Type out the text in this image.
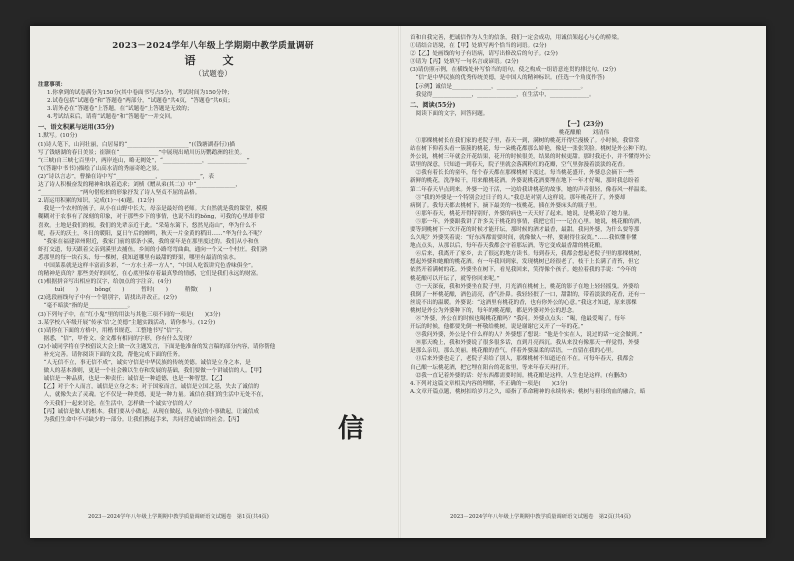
2023－2024学年八年级上学期期中教学质量调研

语　文

（试题卷）

注意事项：

1.你拿到的试卷满分为150分(其中卷面书写占5分)，考试时间为150分钟；

2.试卷包括“试题卷”和“答题卷”两部分，“试题卷”共4页，“答题卷”共6页；

3.请务必在“答题卷”上答题，在“试题卷”上答题是无效的；

4.考试结束后，请将“试题卷”和“答题卷”一并交回。

一、语文积累与运用(35分)

1.默写。(10分)

(1)诗人笔下，山河壮丽，白居易的“______________________”(《钱塘湖春行》)描

写了钱塘湖的春日美景；崔颢在“______________”中展现出晴川历历鹦鹉洲的壮美。

“(三峡)自三峡七百里中，两岸连山，略无阙处”，“______________，______________”

“(《答谢中书书》)描绘了山高水清的秀丽奇绝之景。

(2)“诗以言志”，曹操在诗中写“______________，______________”，表

达了诗人积极奋发的精神和执着追求；刘桢《赠从弟(其二)》中“______________，

“______________”两句借松柏的形象抒发了诗人坚贞不屈的品格。

2.请运用积累的知识，完成(1)～(4)题。(12分)

　我是一个农村的孩子，从小在山野中长大，母亲是最好的老师。大自然就是我的课堂，模模

糊糊对于农事有了深刻的印象，对于那些乡下的事情，也说不出的bǒng，可我的心里却非常

喜欢。土地是我们的根，我们的先辈亲近于此。“采菊东篱下，悠然见南山”，华为什么不

呢，春天的沃土，冬日的暖阳，夏日午后的蝉鸣，秋天一片金黄的稻田……”华为什么不呢？

　“我家在福建漳州附近，我家门前的那条小溪，我的童年是在那里度过的。我们从小和鱼

虾打交道，每天跟着父亲到溪里去捕鱼，乡间的小路弯弯曲曲，通向一个又一个村庄。我们熟

悉那里的每一块石头、每一棵树，我知道哪里有最甜的野果，哪里有最清的泉水。

　中国菜系就是这样丰富而多彩，“一方水土养一方人”，“中国人吃饭讲究色香味俱全”。

的精神是真的？那些美好的回忆，在心底里保存着最真挚的情感，它们是我们永远的财富。

(1)根据拼音写出相应的汉字，给加点的字注音。(4分)

　　　tuì(　　)　　　bǒng(　　)　　　暂时(　　)　　　稍微(　　)

(2)选段画线句子中有一个错别字，请找出并改正。(2分)

　“毫不暗淡”指的是______________。

(3)下列句子中，在“红小鬼”里的用法与其他三项不同的一项是(　　)(3分)

3.某学校八年级开展“传承‘信’之美德”主题实践活动，请你参与。(12分)

(1)请你在下面的方格中，用楷书规范、工整地书写“信”字。

　据悉，“信”，甲骨文、金文都有相同的字形，你有什么发现？

(2)小诚同学将在学校倡议大会上做一次主题发言，下面是他准备的发言稿的部分内容，请你帮他

　补充完善。请你阅读下面的文段，帮他完成下面的任务。

　“人无信不立，事无信不成”，诚实守信是中华民族的传统美德。诚信是立身之本，是

　做人的基本准则，更是一个社会赖以生存和发展的基础，我们要做一个讲诚信的人。【甲】

　诚信是一种品质，也是一种责任；诚信是一种道德，也是一种智慧。【乙】

　【乙】对于个人而言，诚信是立身之本；对于国家而言，诚信是立国之基，失去了诚信的

　人，就像失去了灵魂。它不仅是一种美德，更是一种力量。诚信在我们的生活中无处不在，

　今天我们一起来讨论，在生活中，怎样做一个诚实守信的人？

　【丙】诚信是做人的根本。我们要从小做起，从现在做起，从身边的小事做起，让诚信成

　为我们生命中不可缺少的一部分。让我们携起手来，共同营造诚信的社会。【丙】	信
2023－2024学年八年级上学期期中教学质量调研语文试题卷　第1页(共4页)

首和自我完善，把诚信作为人生的信条，我们一定会成功，用诚信架起心与心的桥梁。

①请结合语境，在【甲】处填写两个恰当的词语。(2分)

②【乙】处画线的句子有语病，请写出修改后的句子。(2分)

③请为【丙】处填写一句名言或谚语。(2分)

(3)请仿照示例，在横线处补写恰当的语句，使之构成一组语意连贯的排比句。(2分)

　“信”是中华民族的优秀传统美德，是中国人的精神标识。(任选一个角度作答)

　【示例】诚信是______________，______________，______________。

　我觉得______________，______________，在生活中，______________。

二、阅读(55分)

　阅读下面的文字，回答问题。

【一】(23分)

桃花酿酿　　刘清伟

　①那棵桃树长在我们家的老院子里，春天一到，满树的桃花开得烂漫极了。小时候，我常常

站在树下仰着头看一簇簇的桃花，每一朵桃花都那么娇艳，像是一张张笑脸。桃树是外公种下的。

外公说，桃树三年就会开花结果，花开的时候很美，结果的时候更甜。那时我还小，并不懂得外公

话里的深意，只知道一到春天，院子里就会落满粉红的花瓣，空气里弥漫着淡淡的花香。

　②我有着长长的童年，每个春天都在那棵桃树下度过。每当桃花盛开，外婆总会摘下一些

新鲜的桃花，洗净晾干，用来酿桃花酒。外婆说桃花酒要埋在地下一年才好喝，那时我总盼着

第二年春天早点到来。外婆一边干活，一边给我讲桃花的故事，她的声音很轻，像春风一样温柔。

　③“我的外婆是一个特别会过日子的人。”我总是对别人这样说。那年桃花开了，外婆却

病倒了。我每天都去桃树下，摘下最美的一枝桃花，插在外婆床头的瓶子里。

　④那年春天，桃花开得特别好，外婆的病也一天天好了起来。她说，是桃花给了她力量。

　⑤那一年，外婆跟我讲了许多关于桃花的事情，我把它们一一记在心里。她说，桃花酿的酒，

要等到桃树下一次开花的时候才能开坛，那时候的酒才最香，最甜。我问外婆，为什么要等那

么久呢？外婆笑着说：“好东西都需要时间，就像做人一样，要耐得住寂寞。”……我似懂非懂

地点点头，从那以后，每年春天我都会守着那坛酒，等它变成最香甜的桃花酿。

　⑥后来，我离开了家乡，去了很远的地方读书。每到春天，我都会想起老院子里的那棵桃树，

想起外婆和她酿的桃花酒。有一年我回到家，发现桃树已经很老了，枝干上长满了青苔，但它

依然开着满树的花。外婆坐在树下，看见我回来，笑得像个孩子。她拉着我的手说：“今年的

桃花酿可以开坛了，就等你回来呢。”

　⑦一天深夜，我和外婆坐在院子里，月光洒在桃树上，桃花的影子在地上轻轻摇曳。外婆给

我倒了一杯桃花酿，酒色清亮，香气扑鼻。我轻轻抿了一口，甜甜的，带着淡淡的花香，还有一

丝说不出的温暖。外婆说：“这酒里有桃花的香，也有你外公的心意。”我这才知道，原来那棵

桃树是外公为外婆种下的，每年的桃花酿，都是外婆对外公的思念。

　⑧“外婆，外公在的时候也喝桃花酿吗？”我问。外婆点点头：“喝，他最爱喝了。每年

开坛的时候，他都要先倒一杯敬给桃树，说是谢谢它又开了一年的花。”

　⑨我问外婆，外公是个什么样的人？外婆想了想说：“他是个实在人，说过的话一定会做到。”

　⑩那天晚上，我和外婆说了很多很多话，直到月亮西沉。我从来没有像那天一样觉得，外婆

是那么亲切，那么美丽。桃花酿的香气，伴着外婆温柔的话语，一直留在我的心里。

　⑪后来外婆也走了，老院子卖给了别人，那棵桃树不知道还在不在。可每年春天，我都会

自己酿一坛桃花酒，把它埋在阳台的花盆里，等来年春天再打开。

　⑫我一直记着外婆的话：好东西都需要时间。桃花酿是这样，人生也是这样。(有删改)

4.下列对这篇文章相关内容的理解，不正确的一项是(　　)(3分)

A.文章开篇点题，桃树扣给岁月之久，暗指了革命精神的永续传承；桃树与祖母的血的融合，暗

2023－2024学年八年级上学期期中教学质量调研语文试题卷　第2页(共4页)
